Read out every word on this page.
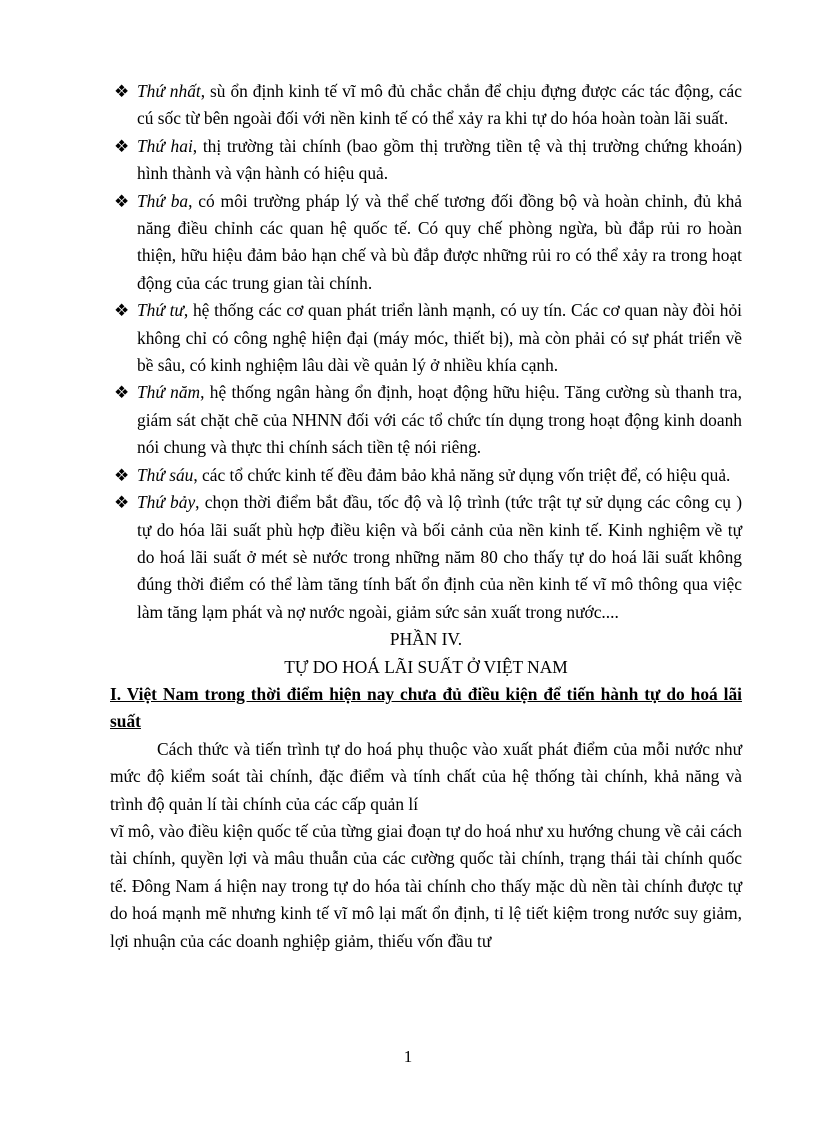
❖ Thứ nhất, sù ổn định kinh tế vĩ mô đủ chắc chắn để chịu đựng được các tác động, các cú sốc từ bên ngoài đối với nền kinh tế có thể xảy ra khi tự do hóa hoàn toàn lãi suất.
❖ Thứ hai, thị trường tài chính (bao gồm thị trường tiền tệ và thị trường chứng khoán) hình thành và vận hành có hiệu quả.
❖ Thứ ba, có môi trường pháp lý và thể chế tương đối đồng bộ và hoàn chỉnh, đủ khả năng điều chỉnh các quan hệ quốc tế. Có quy chế phòng ngừa, bù đắp rủi ro hoàn thiện, hữu hiệu đảm bảo hạn chế và bù đắp được những rủi ro có thể xảy ra trong hoạt động của các trung gian tài chính.
❖ Thứ tư, hệ thống các cơ quan phát triển lành mạnh, có uy tín. Các cơ quan này đòi hỏi không chỉ có công nghệ hiện đại (máy móc, thiết bị), mà còn phải có sự phát triển về bề sâu, có kinh nghiệm lâu dài về quản lý ở nhiều khía cạnh.
❖ Thứ năm, hệ thống ngân hàng ổn định, hoạt động hữu hiệu. Tăng cường sù thanh tra, giám sát chặt chẽ của NHNN đối với các tổ chức tín dụng trong hoạt động kinh doanh nói chung và thực thi chính sách tiền tệ nói riêng.
❖ Thứ sáu, các tổ chức kinh tế đều đảm bảo khả năng sử dụng vốn triệt để, có hiệu quả.
❖ Thứ bảy, chọn thời điểm bắt đầu, tốc độ và lộ trình (tức trật tự sử dụng các công cụ ) tự do hóa lãi suất phù hợp điều kiện và bối cảnh của nền kinh tế. Kinh nghiệm về tự do hoá lãi suất ở mét sè nước trong những năm 80 cho thấy tự do hoá lãi suất không đúng thời điểm có thể làm tăng tính bất ổn định của nền kinh tế vĩ mô thông qua việc làm tăng lạm phát và nợ nước ngoài, giảm sức sản xuất trong nước....
PHẦN IV.
TỰ DO HOÁ LÃI SUẤT Ở VIỆT NAM
I. Việt Nam trong thời điểm hiện nay chưa đủ điều kiện để tiến hành tự do hoá lãi suất
Cách thức và tiến trình tự do hoá phụ thuộc vào xuất phát điểm của mỗi nước như mức độ kiểm soát tài chính, đặc điểm và tính chất của hệ thống tài chính, khả năng và trình độ quản lí tài chính của các cấp quản lí
vĩ mô, vào điều kiện quốc tế của từng giai đoạn tự do hoá như xu hướng chung về cải cách tài chính, quyền lợi và mâu thuẫn của các cường quốc tài chính, trạng thái tài chính quốc tế. Đông Nam á hiện nay trong tự do hóa tài chính cho thấy mặc dù nền tài chính được tự do hoá mạnh mẽ nhưng kinh tế vĩ mô lại mất ổn định, tỉ lệ tiết kiệm trong nước suy giảm, lợi nhuận của các doanh nghiệp giảm, thiếu vốn đầu tư
1
